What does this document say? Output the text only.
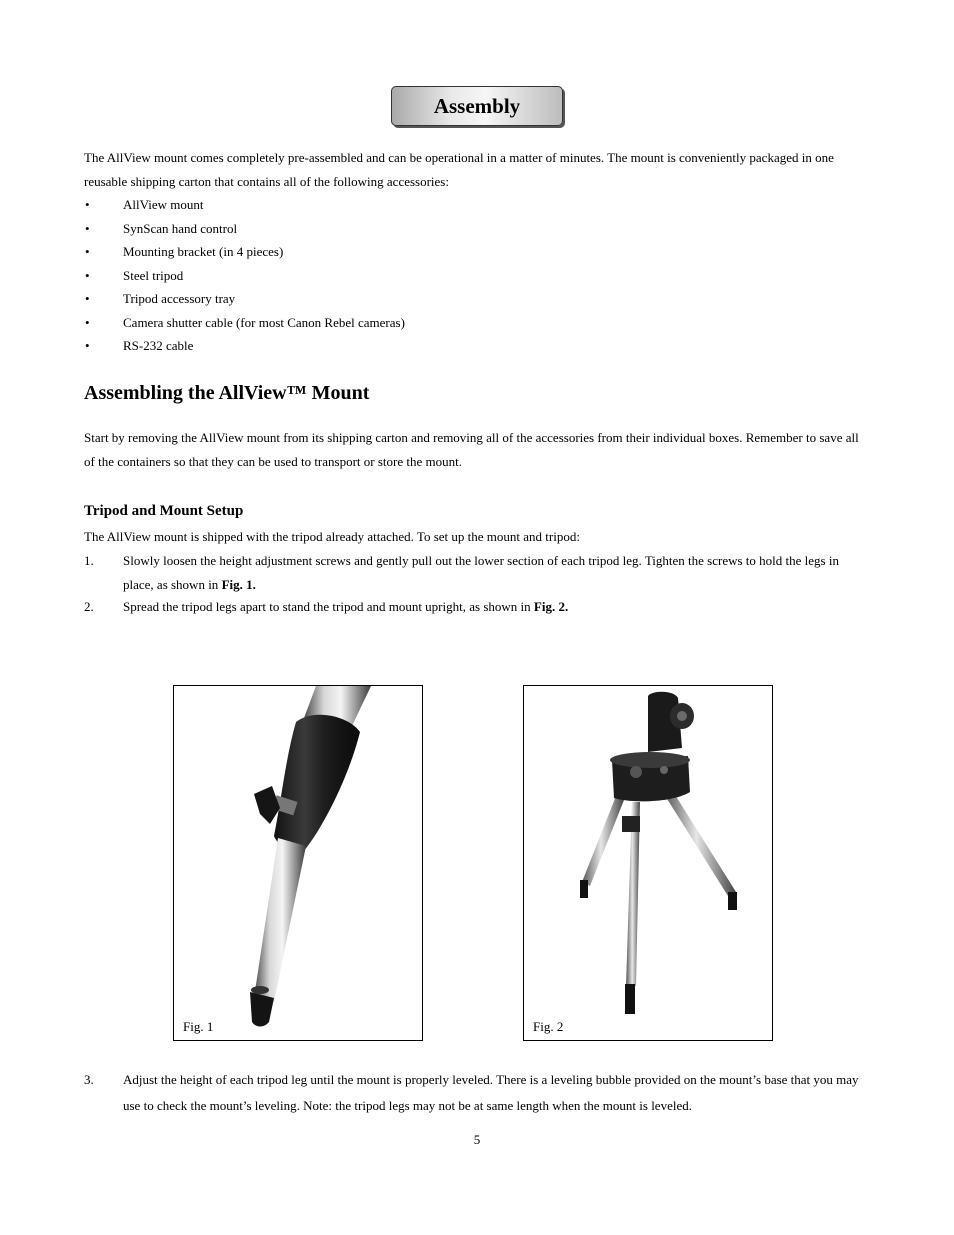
Assembly

The AllView mount comes completely pre-assembled and can be operational in a matter of minutes. The mount is conveniently packaged in one reusable shipping carton that contains all of the following accessories:

•	AllView mount
•	SynScan hand control
•	Mounting bracket (in 4 pieces)
•	Steel tripod
•	Tripod accessory tray
•	Camera shutter cable (for most Canon Rebel cameras)
•	RS-232 cable
Assembling the AllView™ Mount

Start by removing the AllView mount from its shipping carton and removing all of the accessories from their individual boxes. Remember to save all of the containers so that they can be used to transport or store the mount.

Tripod and Mount Setup

The AllView mount is shipped with the tripod already attached. To set up the mount and tripod:

1. Slowly loosen the height adjustment screws and gently pull out the lower section of each tripod leg. Tighten the screws to hold the legs in place, as shown in Fig. 1.
2. Spread the tripod legs apart to stand the tripod and mount upright, as shown in Fig. 2.
Fig. 1	Fig. 2
3. Adjust the height of each tripod leg until the mount is properly leveled. There is a leveling bubble provided on the mount’s base that you may use to check the mount’s leveling. Note: the tripod legs may not be at same length when the mount is leveled.
5
